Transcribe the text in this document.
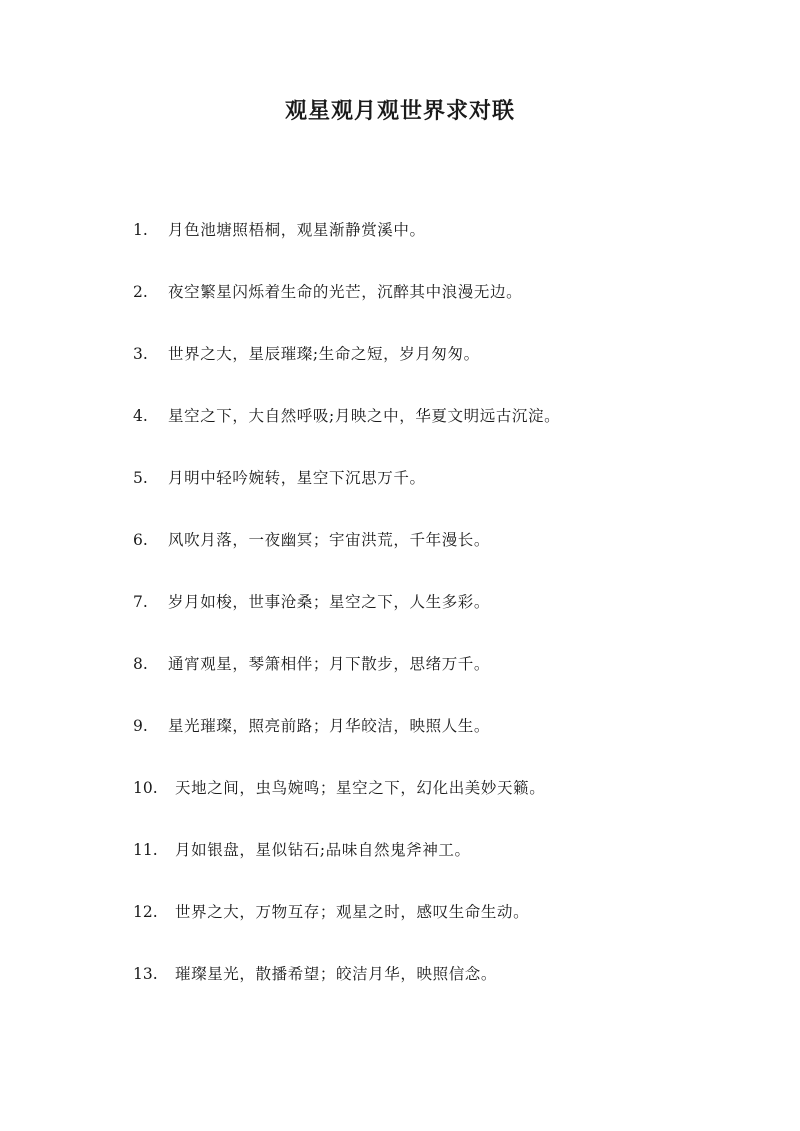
观星观月观世界求对联
1.	月色池塘照梧桐，观星渐静赏溪中。
2.	夜空繁星闪烁着生命的光芒，沉醉其中浪漫无边。
3.	世界之大，星辰璀璨;生命之短，岁月匆匆。
4.	星空之下，大自然呼吸;月映之中，华夏文明远古沉淀。
5.	月明中轻吟婉转，星空下沉思万千。
6.	风吹月落，一夜幽冥；宇宙洪荒，千年漫长。
7.	岁月如梭，世事沧桑；星空之下，人生多彩。
8.	通宵观星，琴箫相伴；月下散步，思绪万千。
9.	星光璀璨，照亮前路；月华皎洁，映照人生。
10.	天地之间，虫鸟婉鸣；星空之下，幻化出美妙天籁。
11.	月如银盘，星似钻石;品味自然鬼斧神工。
12.	世界之大，万物互存；观星之时，感叹生命生动。
13.	璀璨星光，散播希望；皎洁月华，映照信念。
